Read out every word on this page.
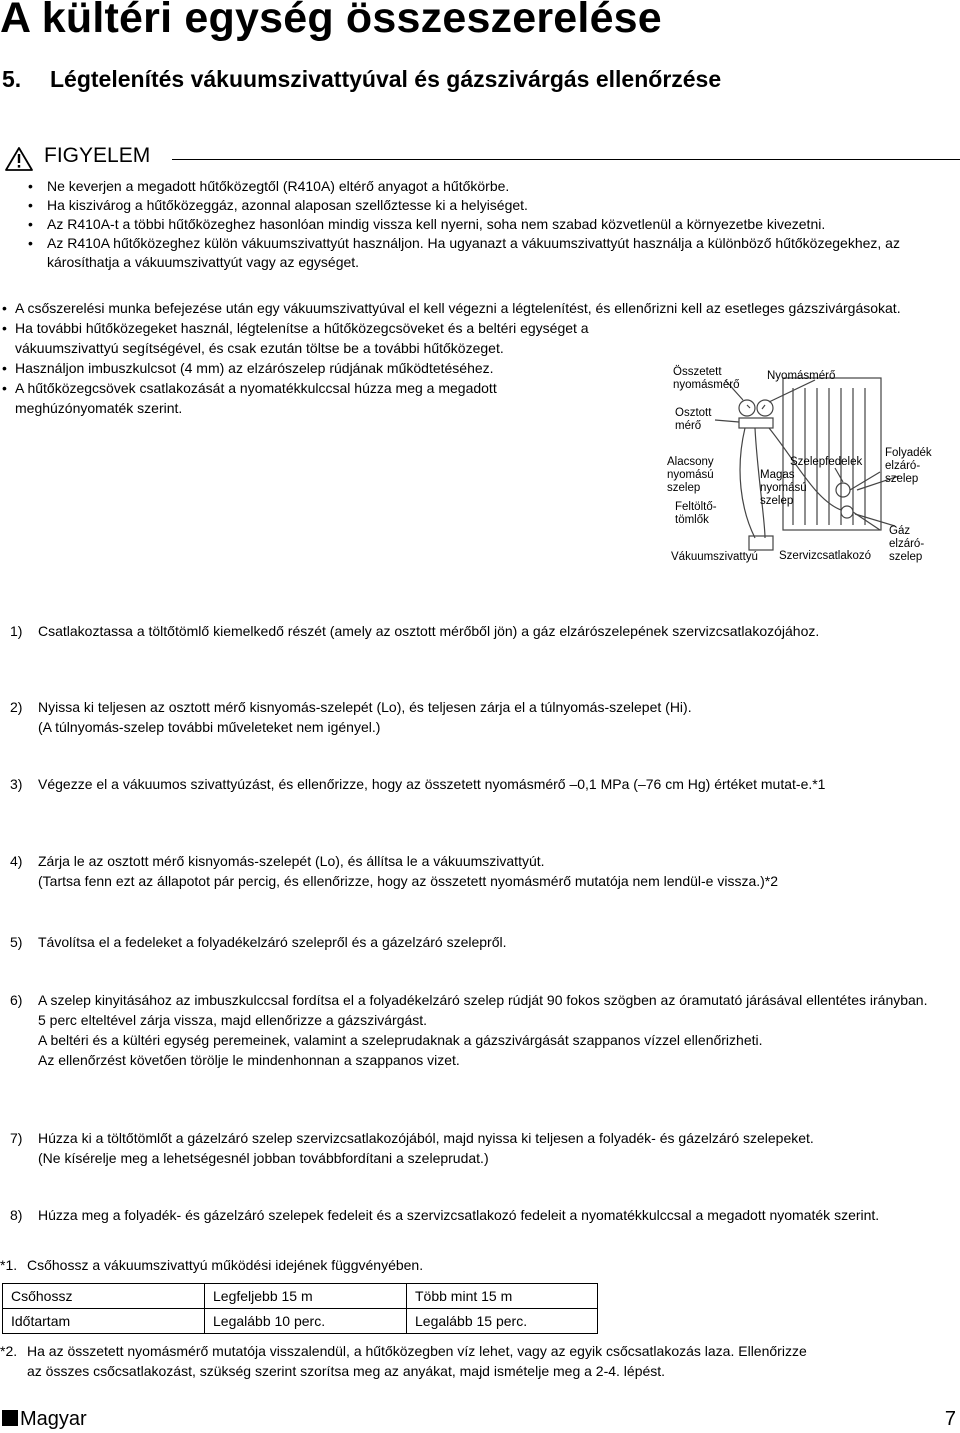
A kültéri egység összeszerelése
5. Légtelenítés vákuumszivattyúval és gázszivárgás ellenőrzése
FIGYELEM
• Ne keverjen a megadott hűtőközegtől (R410A) eltérő anyagot a hűtőkörbe.
• Ha kiszivárog a hűtőközeggáz, azonnal alaposan szellőztesse ki a helyiséget.
• Az R410A-t a többi hűtőközeghez hasonlóan mindig vissza kell nyerni, soha nem szabad közvetlenül a környezetbe kivezetni.
• Az R410A hűtőközeghez külön vákuumszivattyút használjon. Ha ugyanazt a vákuumszivattyút használja a különböző hűtőközegekhez, az károsíthatja a vákuumszivattyút vagy az egységet.
• A csőszerelési munka befejezése után egy vákuumszivattyúval el kell végezni a légtelenítést, és ellenőrizni kell az esetleges gázszivárgásokat.
• Ha további hűtőközegeket használ, légtelenítse a hűtőközegcsöveket és a beltéri egységet a vákuumszivattyú segítségével, és csak ezután töltse be a további hűtőközeget.
• Használjon imbuszkulcsot (4 mm) az elzárószelep rúdjának működtetéséhez.
• A hűtőközegcsövek csatlakozását a nyomatékkulccsal húzza meg a megadott meghúzónyomaték szerint.
Összetett nyomásmérő
Nyomásmérő
Osztott mérő
Alacsony nyomású szelep
Szelepfedelek
Magas nyomású szelep
Folyadék elzáró-szelep
Feltöltő-tömlők
Gáz elzáró-szelep
Vákuumszivattyú Szervizcsatlakozó
1) Csatlakoztassa a töltőtömlő kiemelkedő részét (amely az osztott mérőből jön) a gáz elzárószelepének szervizcsatlakozójához.
2) Nyissa ki teljesen az osztott mérő kisnyomás-szelepét (Lo), és teljesen zárja el a túlnyomás-szelepet (Hi).
(A túlnyomás-szelep további műveleteket nem igényel.)
3) Végezze el a vákuumos szivattyúzást, és ellenőrizze, hogy az összetett nyomásmérő –0,1 MPa (–76 cm Hg) értéket mutat-e.*1
4) Zárja le az osztott mérő kisnyomás-szelepét (Lo), és állítsa le a vákuumszivattyút.
(Tartsa fenn ezt az állapotot pár percig, és ellenőrizze, hogy az összetett nyomásmérő mutatója nem lendül-e vissza.)*2
5) Távolítsa el a fedeleket a folyadékelzáró szelepről és a gázelzáró szelepről.
6) A szelep kinyitásához az imbuszkulccsal fordítsa el a folyadékelzáró szelep rúdját 90 fokos szögben az óramutató járásával ellentétes irányban.
5 perc elteltével zárja vissza, majd ellenőrizze a gázszivárgást.
A beltéri és a kültéri egység peremeinek, valamint a szeleprudaknak a gázszivárgását szappanos vízzel ellenőrizheti.
Az ellenőrzést követően törölje le mindenhonnan a szappanos vizet.
7) Húzza ki a töltőtömlőt a gázelzáró szelep szervizcsatlakozójából, majd nyissa ki teljesen a folyadék- és gázelzáró szelepeket.
(Ne kísérelje meg a lehetségesnél jobban továbbfordítani a szeleprudat.)
8) Húzza meg a folyadék- és gázelzáró szelepek fedeleit és a szervizcsatlakozó fedeleit a nyomatékkulccsal a megadott nyomaték szerint.
*1. Csőhossz a vákuumszivattyú működési idejének függvényében.
Csőhossz	Legfeljebb 15 m	Több mint 15 m
Időtartam	Legalább 10 perc.	Legalább 15 perc.
*2. Ha az összetett nyomásmérő mutatója visszalendül, a hűtőközegben víz lehet, vagy az egyik csőcsatlakozás laza. Ellenőrizze
az összes csőcsatlakozást, szükség szerint szorítsa meg az anyákat, majd ismételje meg a 2-4. lépést.
Magyar	7
